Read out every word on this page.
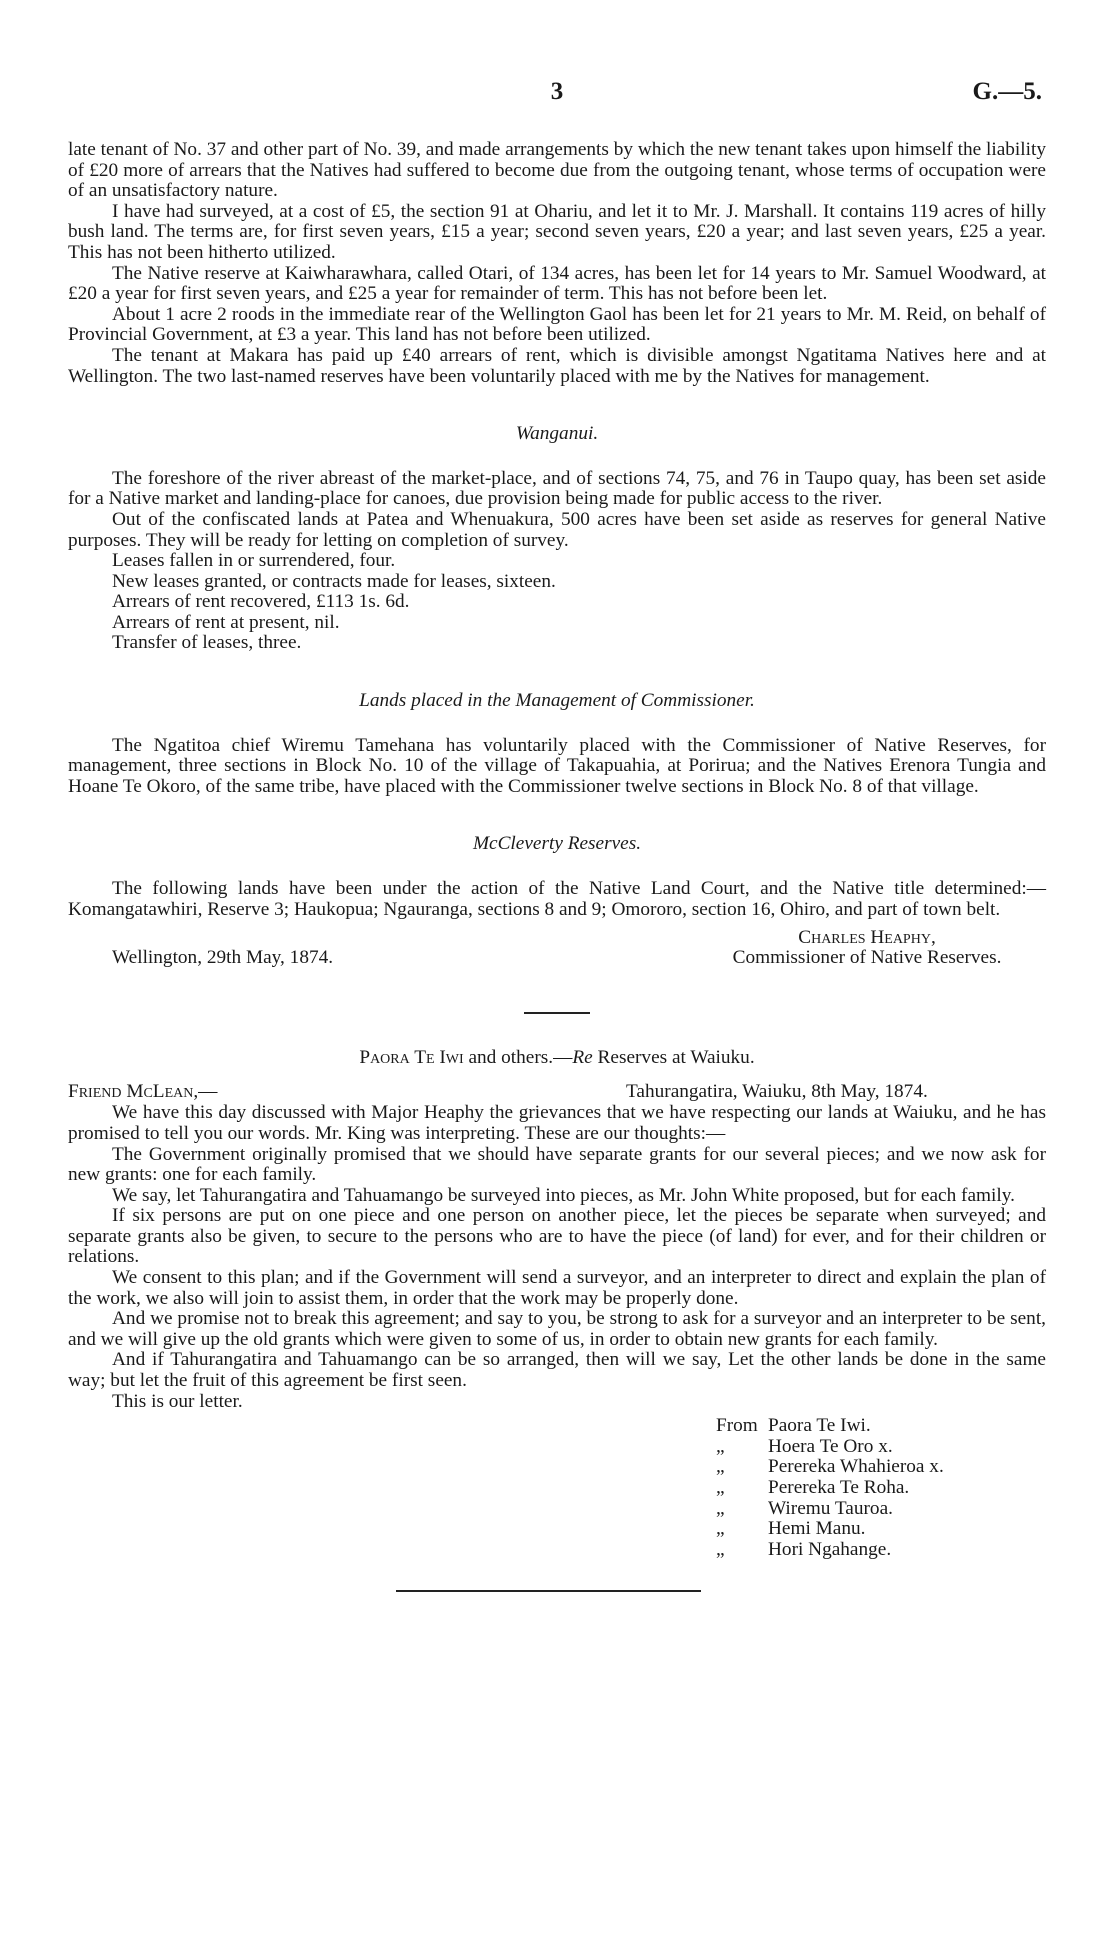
3	G.—5.

late tenant of No. 37 and other part of No. 39, and made arrangements by which the new tenant takes upon himself the liability of £20 more of arrears that the Natives had suffered to become due from the outgoing tenant, whose terms of occupation were of an unsatisfactory nature.

I have had surveyed, at a cost of £5, the section 91 at Ohariu, and let it to Mr. J. Marshall. It contains 119 acres of hilly bush land. The terms are, for first seven years, £15 a year; second seven years, £20 a year; and last seven years, £25 a year. This has not been hitherto utilized.

The Native reserve at Kaiwharawhara, called Otari, of 134 acres, has been let for 14 years to Mr. Samuel Woodward, at £20 a year for first seven years, and £25 a year for remainder of term. This has not before been let.

About 1 acre 2 roods in the immediate rear of the Wellington Gaol has been let for 21 years to Mr. M. Reid, on behalf of Provincial Government, at £3 a year. This land has not before been utilized.

The tenant at Makara has paid up £40 arrears of rent, which is divisible amongst Ngatitama Natives here and at Wellington. The two last-named reserves have been voluntarily placed with me by the Natives for management.

Wanganui.

The foreshore of the river abreast of the market-place, and of sections 74, 75, and 76 in Taupo quay, has been set aside for a Native market and landing-place for canoes, due provision being made for public access to the river.

Out of the confiscated lands at Patea and Whenuakura, 500 acres have been set aside as reserves for general Native purposes. They will be ready for letting on completion of survey.

Leases fallen in or surrendered, four.

New leases granted, or contracts made for leases, sixteen.

Arrears of rent recovered, £113 1s. 6d.

Arrears of rent at present, nil.

Transfer of leases, three.

Lands placed in the Management of Commissioner.

The Ngatitoa chief Wiremu Tamehana has voluntarily placed with the Commissioner of Native Reserves, for management, three sections in Block No. 10 of the village of Takapuahia, at Porirua; and the Natives Erenora Tungia and Hoane Te Okoro, of the same tribe, have placed with the Commissioner twelve sections in Block No. 8 of that village.

McCleverty Reserves.

The following lands have been under the action of the Native Land Court, and the Native title determined:—Komangatawhiri, Reserve 3; Haukopua; Ngauranga, sections 8 and 9; Omororo, section 16, Ohiro, and part of town belt.

Wellington, 29th May, 1874.
Charles Heaphy,
Commissioner of Native Reserves.
Paora Te Iwi and others.—Re Reserves at Waiuku.
Friend McLean,—	Tahurangatira, Waiuku, 8th May, 1874.

We have this day discussed with Major Heaphy the grievances that we have respecting our lands at Waiuku, and he has promised to tell you our words. Mr. King was interpreting. These are our thoughts:—

The Government originally promised that we should have separate grants for our several pieces; and we now ask for new grants: one for each family.

We say, let Tahurangatira and Tahuamango be surveyed into pieces, as Mr. John White proposed, but for each family.

If six persons are put on one piece and one person on another piece, let the pieces be separate when surveyed; and separate grants also be given, to secure to the persons who are to have the piece (of land) for ever, and for their children or relations.

We consent to this plan; and if the Government will send a surveyor, and an interpreter to direct and explain the plan of the work, we also will join to assist them, in order that the work may be properly done.

And we promise not to break this agreement; and say to you, be strong to ask for a surveyor and an interpreter to be sent, and we will give up the old grants which were given to some of us, in order to obtain new grants for each family.

And if Tahurangatira and Tahuamango can be so arranged, then will we say, Let the other lands be done in the same way; but let the fruit of this agreement be first seen.

This is our letter.

From Paora Te Iwi.
„	Hoera Te Oro x.
„	Perereka Whahieroa x.
„	Perereka Te Roha.
„	Wiremu Tauroa.
„	Hemi Manu.
„	Hori Ngahange.
